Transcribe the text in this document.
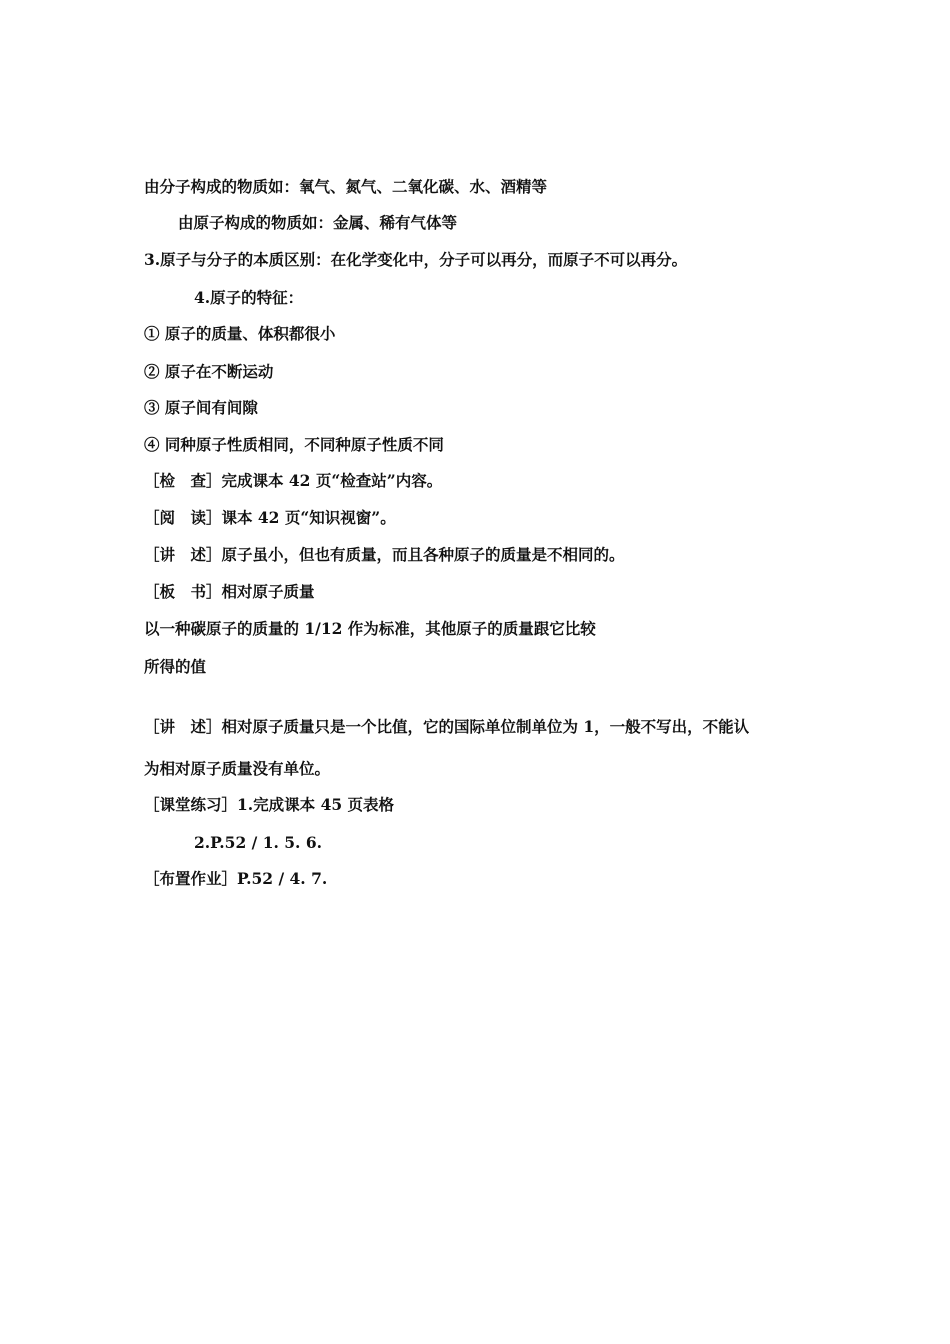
由分子构成的物质如：氧气、氮气、二氧化碳、水、酒精等
由原子构成的物质如：金属、稀有气体等
3.原子与分子的本质区别：在化学变化中，分子可以再分，而原子不可以再分。
4.原子的特征：
① 原子的质量、体积都很小
② 原子在不断运动
③ 原子间有间隙
④ 同种原子性质相同，不同种原子性质不同
［检　查］完成课本 42 页“检查站”内容。
［阅　读］课本 42 页“知识视窗”。
［讲　述］原子虽小，但也有质量，而且各种原子的质量是不相同的。
［板　书］相对原子质量
以一种碳原子的质量的 1/12 作为标准，其他原子的质量跟它比较
所得的值
［讲　述］相对原子质量只是一个比值，它的国际单位制单位为 1，一般不写出，不能认
为相对原子质量没有单位。
［课堂练习］1.完成课本 45 页表格
2.P.52 / 1. 5. 6.
［布置作业］P.52 / 4. 7.
